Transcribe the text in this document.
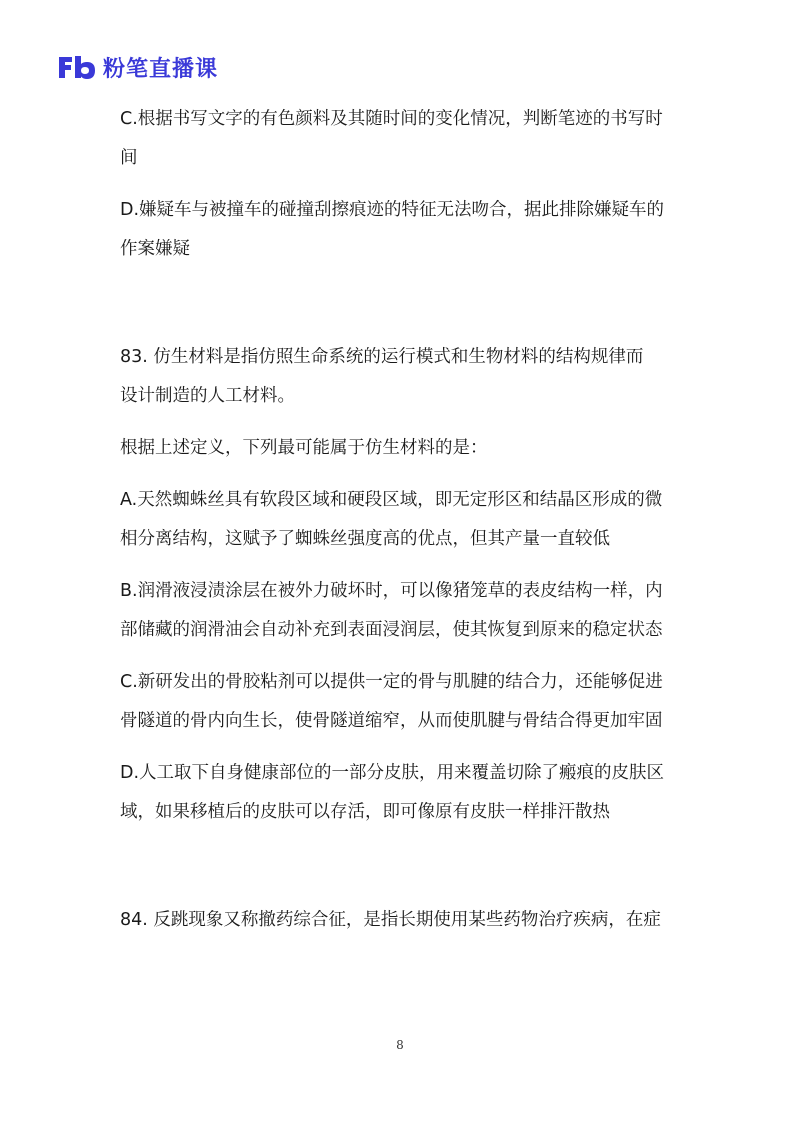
粉笔直播课
C.根据书写文字的有色颜料及其随时间的变化情况，判断笔迹的书写时
间
D.嫌疑车与被撞车的碰撞刮擦痕迹的特征无法吻合，据此排除嫌疑车的
作案嫌疑
83. 仿生材料是指仿照生命系统的运行模式和生物材料的结构规律而
设计制造的人工材料。
根据上述定义，下列最可能属于仿生材料的是：
A.天然蜘蛛丝具有软段区域和硬段区域，即无定形区和结晶区形成的微
相分离结构，这赋予了蜘蛛丝强度高的优点，但其产量一直较低
B.润滑液浸渍涂层在被外力破坏时，可以像猪笼草的表皮结构一样，内
部储藏的润滑油会自动补充到表面浸润层，使其恢复到原来的稳定状态
C.新研发出的骨胶粘剂可以提供一定的骨与肌腱的结合力，还能够促进
骨隧道的骨内向生长，使骨隧道缩窄，从而使肌腱与骨结合得更加牢固
D.人工取下自身健康部位的一部分皮肤，用来覆盖切除了瘢痕的皮肤区
域，如果移植后的皮肤可以存活，即可像原有皮肤一样排汗散热
84. 反跳现象又称撤药综合征，是指长期使用某些药物治疗疾病，在症
8
